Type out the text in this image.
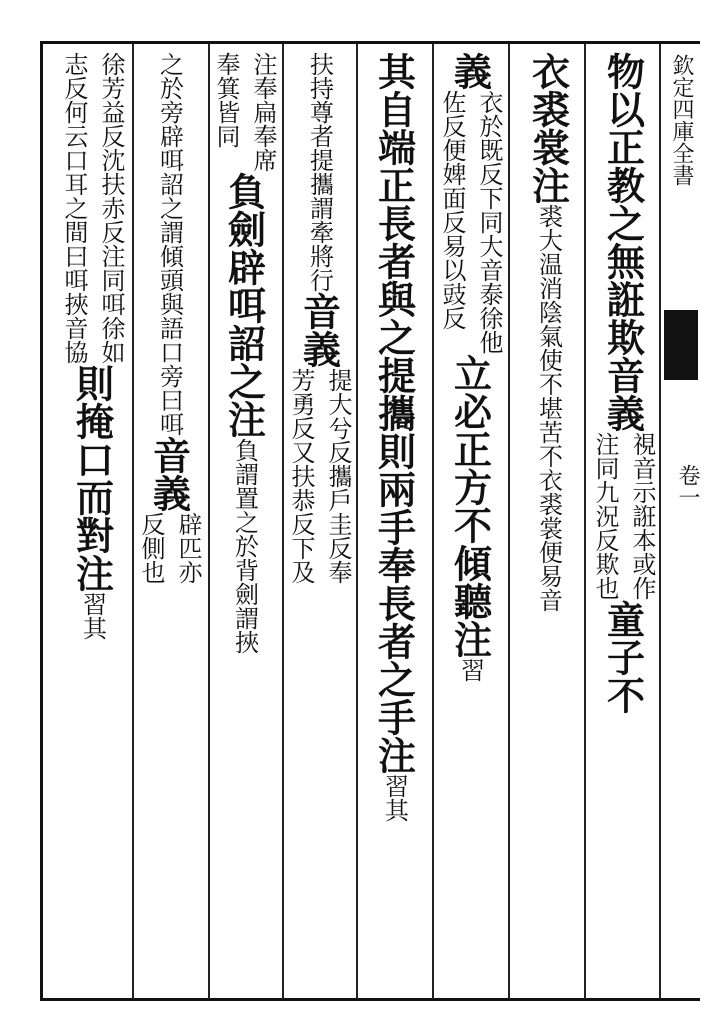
欽定四庫全書
卷一
物以正教之無誑欺
音義
視音示誑本或作
注同九況反欺也
童子不
衣裘裳
注
裘大温消陰氣使不堪苦不衣裘裳便易音
義
衣於既反下同大音泰徐他
佐反便婢面反易以豉反
立必正方不傾聽
注
習
其自端正長者與之提攜則兩手奉長者之手
注
習其
扶持尊者提攜謂牽將行
音義
提大兮反攜戶圭反奉
芳勇反又扶恭反下及
注奉扁奉席
奉箕皆同
負劍辟咡詔之
注
負謂置之於背劍謂挾
之於旁辟咡詔之謂傾頭與語口旁曰咡
音義
辟匹亦
反側也
徐芳益反沈扶赤反注同咡徐如
志反何云口耳之間曰咡挾音協
則掩口而對
注
習其
